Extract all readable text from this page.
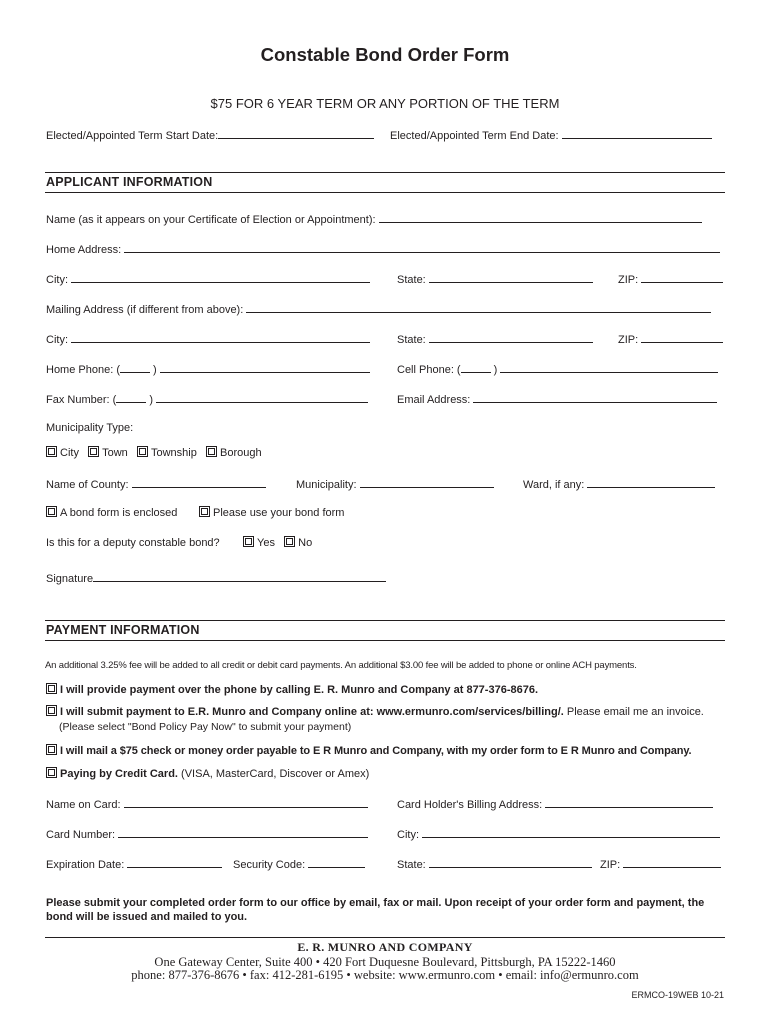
Constable Bond Order Form
$75 FOR 6 YEAR TERM OR ANY PORTION OF THE TERM
Elected/Appointed Term Start Date:	Elected/Appointed Term End Date:
APPLICANT INFORMATION
Name (as it appears on your Certificate of Election or Appointment):
Home Address:
City:	State:	ZIP:
Mailing Address (if different from above):
City:	State:	ZIP:
Home Phone: (	)	Cell Phone: (	)
Fax Number: (	)	Email Address:
Municipality Type:
City Town Township Borough
Name of County:	Municipality:	Ward, if any:
A bond form is enclosed	Please use your bond form
Is this for a deputy constable bond?	Yes No
Signature
PAYMENT INFORMATION
An additional 3.25% fee will be added to all credit or debit card payments. An additional $3.00 fee will be added to phone or online ACH payments.
I will provide payment over the phone by calling E. R. Munro and Company at 877-376-8676.
I will submit payment to E.R. Munro and Company online at: www.ermunro.com/services/billing/. Please email me an invoice.
(Please select "Bond Policy Pay Now" to submit your payment)
I will mail a $75 check or money order payable to E R Munro and Company, with my order form to E R Munro and Company.
Paying by Credit Card. (VISA, MasterCard, Discover or Amex)
Name on Card:	Card Holder's Billing Address:
Card Number:	City:
Expiration Date:	Security Code:	State:	ZIP:
Please submit your completed order form to our office by email, fax or mail. Upon receipt of your order form and payment, the bond will be issued and mailed to you.
E. R. MUNRO AND COMPANY
One Gateway Center, Suite 400 • 420 Fort Duquesne Boulevard, Pittsburgh, PA 15222-1460
phone: 877-376-8676 • fax: 412-281-6195 • website: www.ermunro.com • email: info@ermunro.com
ERMCO-19WEB 10-21
